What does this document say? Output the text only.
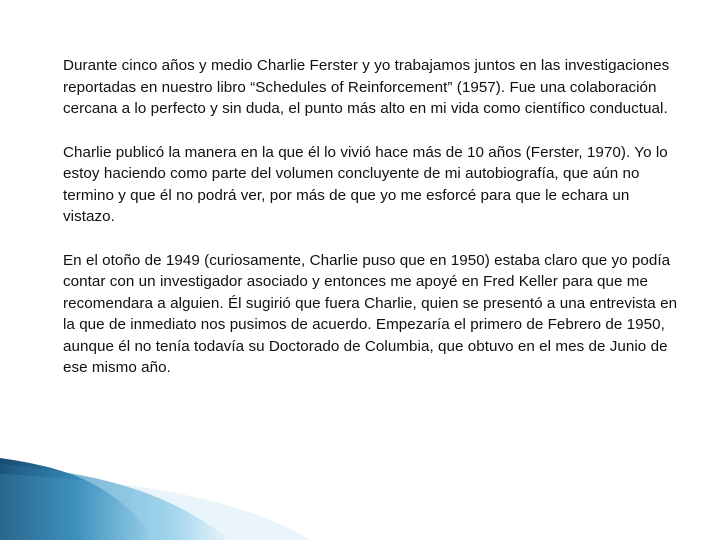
Durante cinco años y medio Charlie Ferster y yo trabajamos juntos en las investigaciones reportadas en nuestro libro “Schedules of Reinforcement” (1957). Fue una colaboración cercana a lo perfecto y sin duda, el punto más alto en mi vida como científico conductual.

Charlie publicó la manera en la que él lo vivió hace más de 10 años (Ferster, 1970). Yo lo estoy haciendo como parte del volumen concluyente de mi autobiografía, que aún no termino y que él no podrá ver, por más de que yo me esforcé para que le echara un vistazo.

En el otoño de 1949 (curiosamente, Charlie puso que en 1950) estaba claro que yo podía contar con un investigador asociado y entonces me apoyé en Fred Keller para que me recomendara a alguien. Él sugirió que fuera Charlie, quien se presentó a una entrevista en la que de inmediato nos pusimos de acuerdo. Empezaría el primero de Febrero de 1950, aunque él no tenía todavía su Doctorado de Columbia, que obtuvo en el mes de Junio de ese mismo año.
